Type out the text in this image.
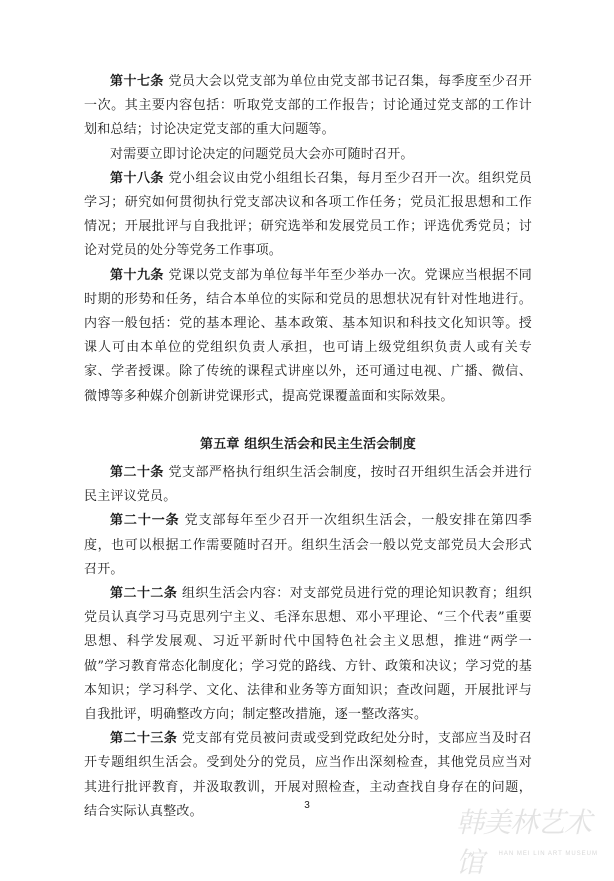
第十七条 党员大会以党支部为单位由党支部书记召集，每季度至少召开一次。其主要内容包括：听取党支部的工作报告；讨论通过党支部的工作计划和总结；讨论决定党支部的重大问题等。

对需要立即讨论决定的问题党员大会亦可随时召开。

第十八条 党小组会议由党小组组长召集，每月至少召开一次。组织党员学习；研究如何贯彻执行党支部决议和各项工作任务；党员汇报思想和工作情况；开展批评与自我批评；研究选举和发展党员工作；评选优秀党员；讨论对党员的处分等党务工作事项。

第十九条 党课以党支部为单位每半年至少举办一次。党课应当根据不同时期的形势和任务，结合本单位的实际和党员的思想状况有针对性地进行。内容一般包括：党的基本理论、基本政策、基本知识和科技文化知识等。授课人可由本单位的党组织负责人承担，也可请上级党组织负责人或有关专家、学者授课。除了传统的课程式讲座以外，还可通过电视、广播、微信、微博等多种媒介创新讲党课形式，提高党课覆盖面和实际效果。

第五章 组织生活会和民主生活会制度

第二十条 党支部严格执行组织生活会制度，按时召开组织生活会并进行民主评议党员。

第二十一条 党支部每年至少召开一次组织生活会，一般安排在第四季度，也可以根据工作需要随时召开。组织生活会一般以党支部党员大会形式召开。

第二十二条 组织生活会内容：对支部党员进行党的理论知识教育；组织党员认真学习马克思列宁主义、毛泽东思想、邓小平理论、“三个代表”重要思想、科学发展观、习近平新时代中国特色社会主义思想，推进“两学一做”学习教育常态化制度化；学习党的路线、方针、政策和决议；学习党的基本知识；学习科学、文化、法律和业务等方面知识；查改问题，开展批评与自我批评，明确整改方向；制定整改措施，逐一整改落实。

第二十三条 党支部有党员被问责或受到党政纪处分时，支部应当及时召开专题组织生活会。受到处分的党员，应当作出深刻检查，其他党员应当对其进行批评教育，并汲取教训，开展对照检查，主动查找自身存在的问题，结合实际认真整改。	3
韩美林艺术馆	HAN MEI LIN ART MUSEUM
